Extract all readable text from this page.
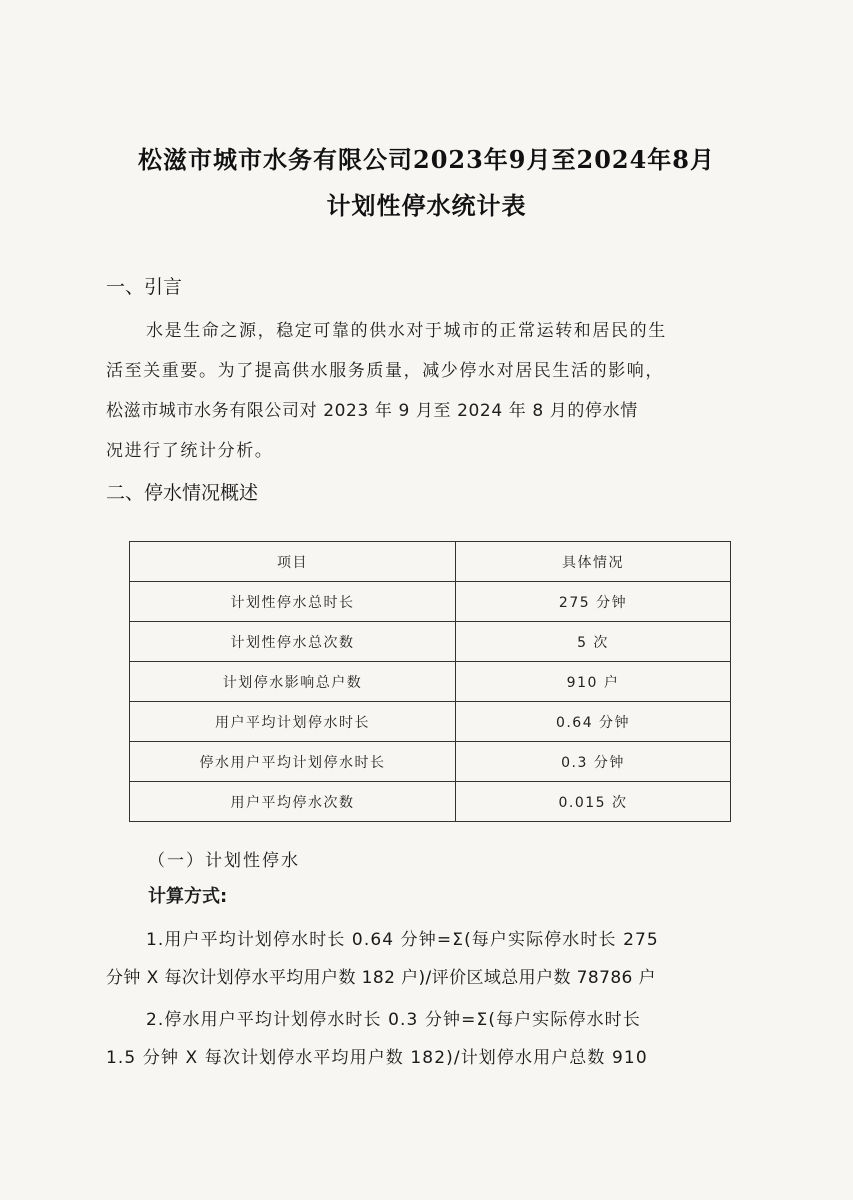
松滋市城市水务有限公司2023年9月至2024年8月
计划性停水统计表
一、引言
水是生命之源，稳定可靠的供水对于城市的正常运转和居民的生
活至关重要。为了提高供水服务质量，减少停水对居民生活的影响，
松滋市城市水务有限公司对 2023 年 9 月至 2024 年 8 月的停水情
况进行了统计分析。
二、停水情况概述
项目	具体情况
计划性停水总时长	275 分钟
计划性停水总次数	5 次
计划停水影响总户数	910 户
用户平均计划停水时长	0.64 分钟
停水用户平均计划停水时长	0.3 分钟
用户平均停水次数	0.015 次
（一）计划性停水
计算方式:
1.用户平均计划停水时长 0.64 分钟=Σ(每户实际停水时长 275
分钟 X 每次计划停水平均用户数 182 户)/评价区域总用户数 78786 户
2.停水用户平均计划停水时长 0.3 分钟=Σ(每户实际停水时长
1.5 分钟 X 每次计划停水平均用户数 182)/计划停水用户总数 910
